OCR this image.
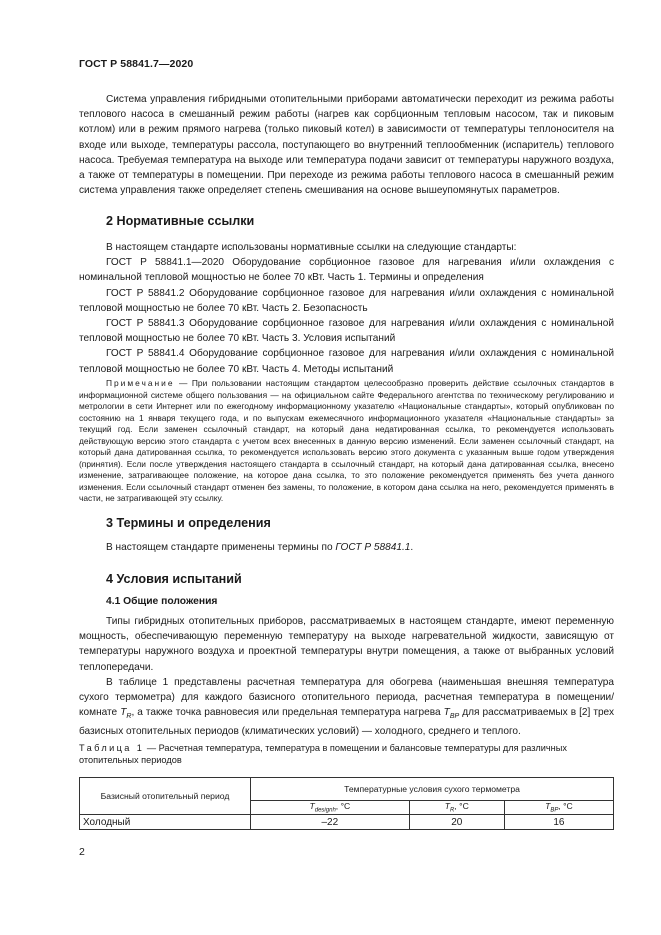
ГОСТ Р 58841.7—2020

Система управления гибридными отопительными приборами автоматически переходит из режима работы теплового насоса в смешанный режим работы (нагрев как сорбционным тепловым насосом, так и пиковым котлом) или в режим прямого нагрева (только пиковый котел) в зависимости от температуры теплоносителя на входе или выходе, температуры рассола, поступающего во внутренний теплообменник (испаритель) теплового насоса. Требуемая температура на выходе или температура подачи зависит от температуры наружного воздуха, а также от температуры в помещении. При переходе из режима работы теплового насоса в смешанный режим система управления также определяет степень смешивания на основе вышеупомянутых параметров.

2 Нормативные ссылки

В настоящем стандарте использованы нормативные ссылки на следующие стандарты:

ГОСТ Р 58841.1—2020 Оборудование сорбционное газовое для нагревания и/или охлаждения с номинальной тепловой мощностью не более 70 кВт. Часть 1. Термины и определения

ГОСТ Р 58841.2 Оборудование сорбционное газовое для нагревания и/или охлаждения с номинальной тепловой мощностью не более 70 кВт. Часть 2. Безопасность

ГОСТ Р 58841.3 Оборудование сорбционное газовое для нагревания и/или охлаждения с номинальной тепловой мощностью не более 70 кВт. Часть 3. Условия испытаний

ГОСТ Р 58841.4 Оборудование сорбционное газовое для нагревания и/или охлаждения с номинальной тепловой мощностью не более 70 кВт. Часть 4. Методы испытаний

Примечание — При пользовании настоящим стандартом целесообразно проверить действие ссылочных стандартов в информационной системе общего пользования — на официальном сайте Федерального агентства по техническому регулированию и метрологии в сети Интернет или по ежегодному информационному указателю «Национальные стандарты», который опубликован по состоянию на 1 января текущего года, и по выпускам ежемесячного информационного указателя «Национальные стандарты» за текущий год. Если заменен ссылочный стандарт, на который дана недатированная ссылка, то рекомендуется использовать действующую версию этого стандарта с учетом всех внесенных в данную версию изменений. Если заменен ссылочный стандарт, на который дана датированная ссылка, то рекомендуется использовать версию этого документа с указанным выше годом утверждения (принятия). Если после утверждения настоящего стандарта в ссылочный стандарт, на который дана датированная ссылка, внесено изменение, затрагивающее положение, на которое дана ссылка, то это положение рекомендуется применять без учета данного изменения. Если ссылочный стандарт отменен без замены, то положение, в котором дана ссылка на него, рекомендуется применять в части, не затрагивающей эту ссылку.

3 Термины и определения

В настоящем стандарте применены термины по ГОСТ Р 58841.1.

4 Условия испытаний
4.1 Общие положения

Типы гибридных отопительных приборов, рассматриваемых в настоящем стандарте, имеют переменную мощность, обеспечивающую переменную температуру на выходе нагревательной жидкости, зависящую от температуры наружного воздуха и проектной температуры внутри помещения, а также от выбранных условий теплопередачи.

В таблице 1 представлены расчетная температура для обогрева (наименьшая внешняя температура сухого термометра) для каждого базисного отопительного периода, расчетная температура в помещении/комнате $T_R$, а также точка равновесия или предельная температура нагрева $T_{BP}$ для рассматриваемых в [2] трех базисных отопительных периодов (климатических условий) — холодного, среднего и теплого.

Таблица 1 — Расчетная температура, температура в помещении и балансовые температуры для различных отопительных периодов
Базисный отопительный период	Температурные условия сухого термометра		
	$T_{designh}$, °C	$T_R$, °C	$T_{BP}$, °C
Холодный	–22	20	16
2
